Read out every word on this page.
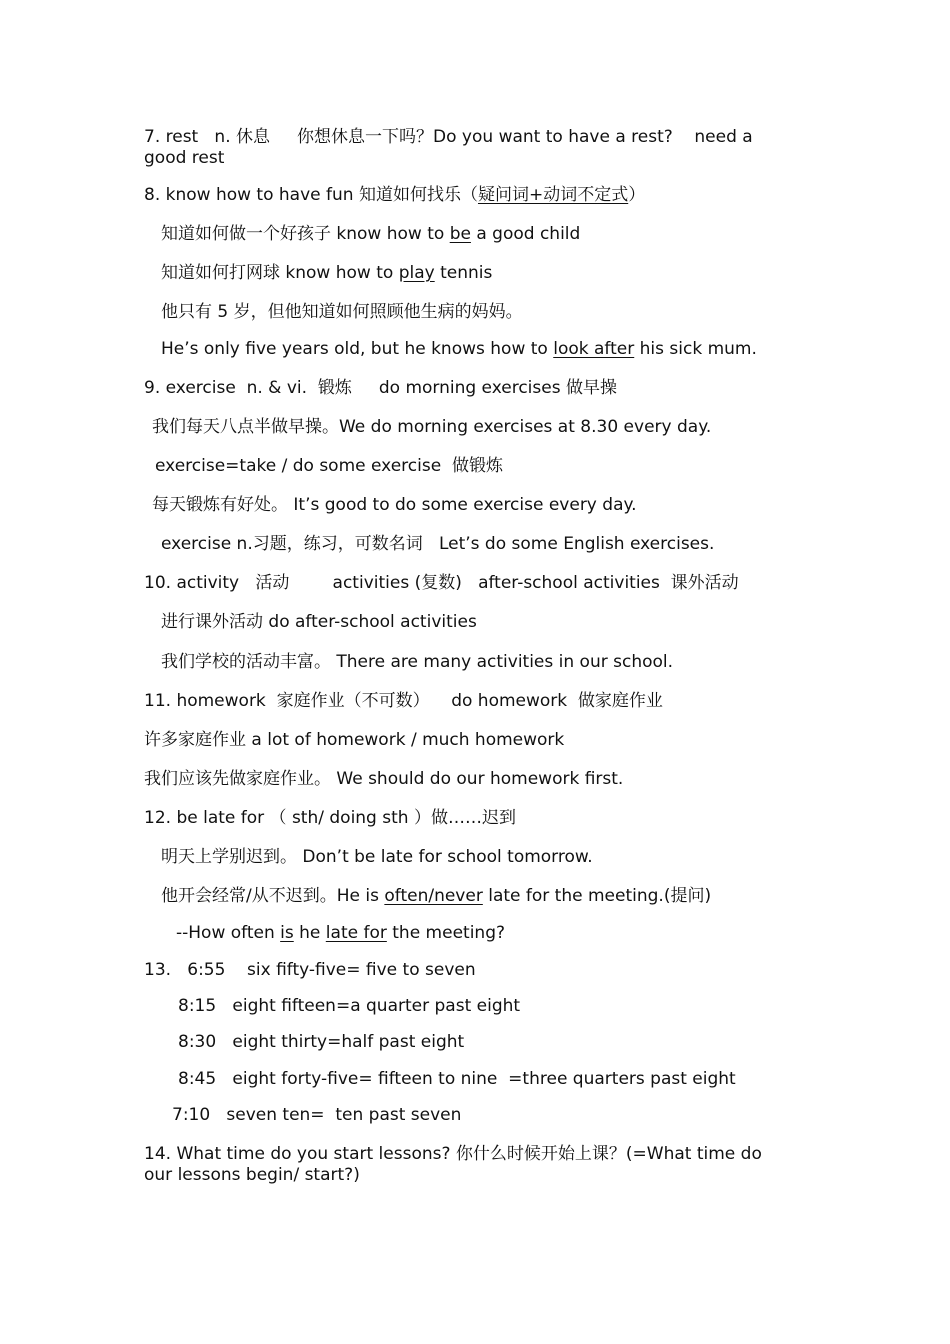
7. rest   n. 休息     你想休息一下吗？Do you want to have a rest?    need a good rest
8. know how to have fun 知道如何找乐（疑问词+动词不定式）
知道如何做一个好孩子 know how to be a good child
知道如何打网球 know how to play tennis
他只有 5 岁，但他知道如何照顾他生病的妈妈。
He’s only five years old, but he knows how to look after his sick mum.
9. exercise  n. & vi.  锻炼     do morning exercises 做早操
我们每天八点半做早操。We do morning exercises at 8.30 every day.
exercise=take / do some exercise  做锻炼
每天锻炼有好处。 It’s good to do some exercise every day.
exercise n.习题，练习，可数名词   Let’s do some English exercises.
10. activity   活动        activities (复数)   after-school activities  课外活动
进行课外活动 do after-school activities
我们学校的活动丰富。 There are many activities in our school.
11. homework  家庭作业（不可数）    do homework  做家庭作业
许多家庭作业 a lot of homework / much homework
我们应该先做家庭作业。 We should do our homework first.
12. be late for （ sth/ doing sth ）做……迟到
明天上学别迟到。 Don’t be late for school tomorrow.
他开会经常/从不迟到。He is often/never late for the meeting.(提问)
--How often is he late for the meeting?
13.   6:55    six fifty-five= five to seven
8:15   eight fifteen=a quarter past eight
8:30   eight thirty=half past eight
8:45   eight forty-five= fifteen to nine  =three quarters past eight
7:10   seven ten=  ten past seven
14. What time do you start lessons? 你什么时候开始上课？(=What time do our lessons begin/ start?)
